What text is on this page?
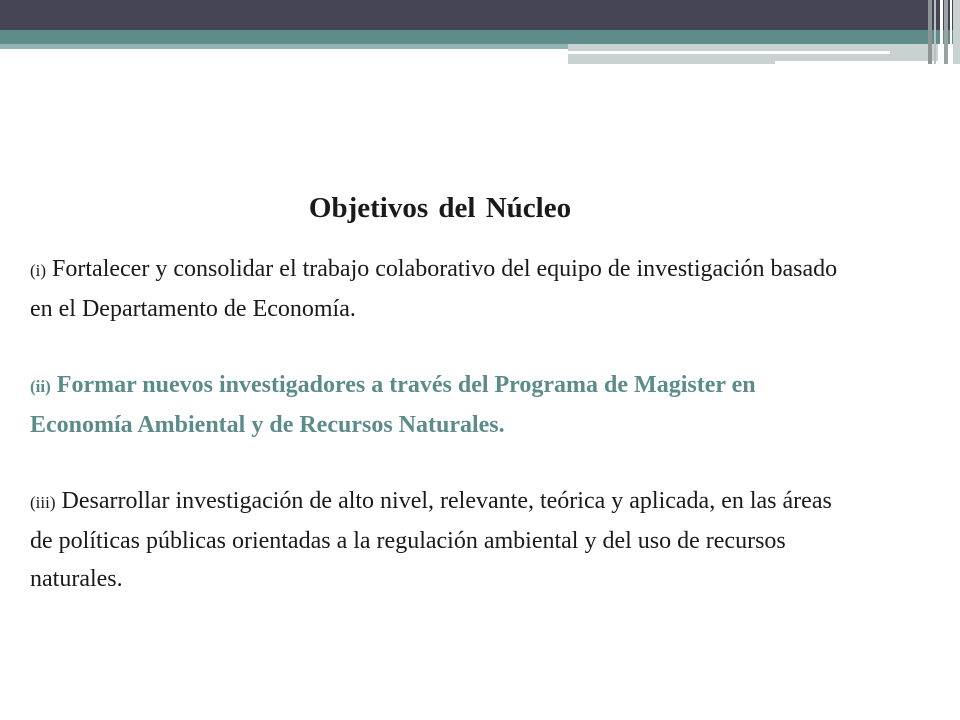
Objetivos del Núcleo

(i) Fortalecer y consolidar el trabajo colaborativo del equipo de investigación basado en el Departamento de Economía.

(ii) Formar nuevos investigadores a través del Programa de Magister en Economía Ambiental y de Recursos Naturales.

(iii) Desarrollar investigación de alto nivel, relevante, teórica y aplicada, en las áreas de políticas públicas orientadas a la regulación ambiental y del uso de recursos naturales.
